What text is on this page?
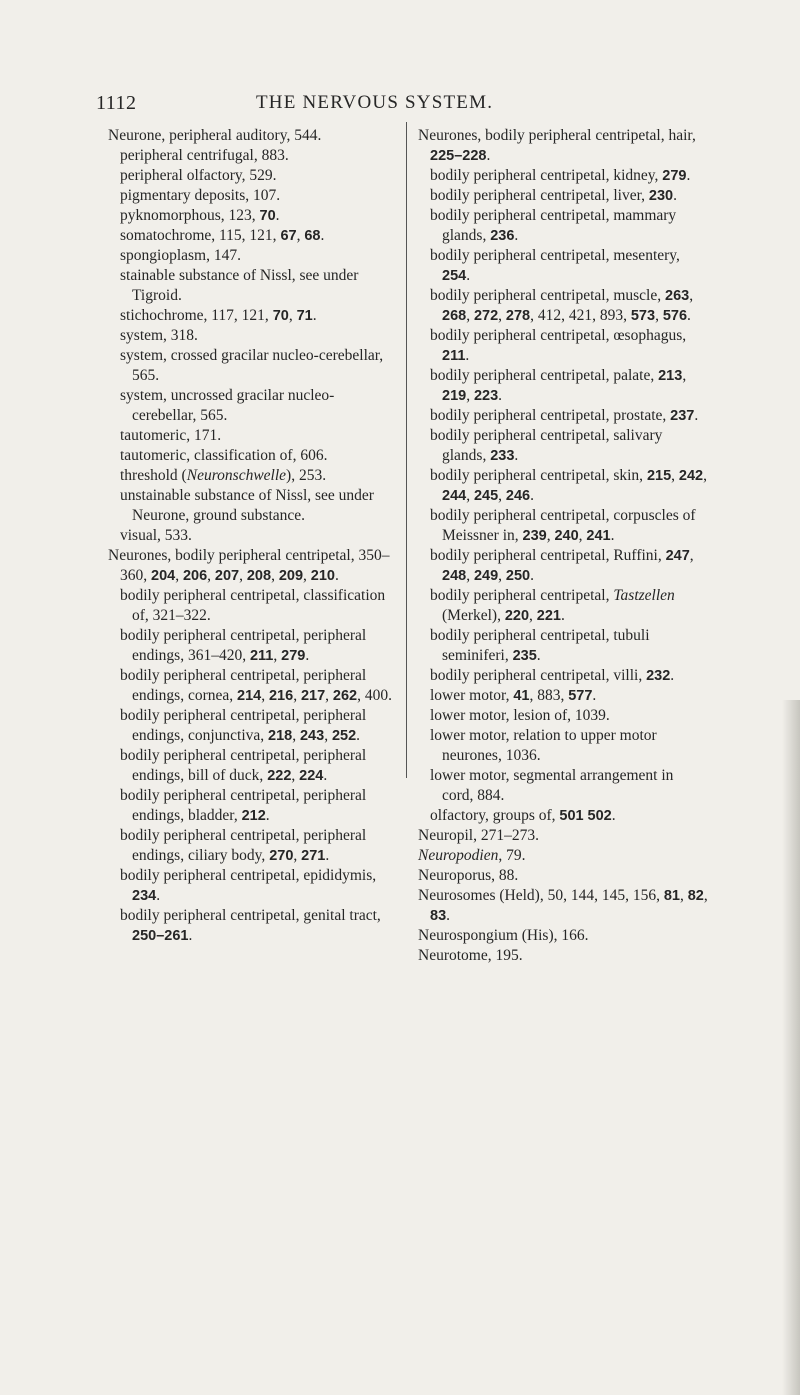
1112	THE NERVOUS SYSTEM.

Neurone, peripheral auditory, 544.

peripheral centrifugal, 883.

peripheral olfactory, 529.

pigmentary deposits, 107.

pyknomorphous, 123, 70.

somatochrome, 115, 121, 67, 68.

spongioplasm, 147.

stainable substance of Nissl, see under Tigroid.

stichochrome, 117, 121, 70, 71.

system, 318.

system, crossed gracilar nucleo-cerebellar, 565.

system, uncrossed gracilar nucleo-cerebellar, 565.

tautomeric, 171.

tautomeric, classification of, 606.

threshold (Neuronschwelle), 253.

unstainable substance of Nissl, see under Neurone, ground substance.

visual, 533.

Neurones, bodily peripheral centripetal, 350–360, 204, 206, 207, 208, 209, 210.

bodily peripheral centripetal, classification of, 321–322.

bodily peripheral centripetal, peripheral endings, 361–420, 211, 279.

bodily peripheral centripetal, peripheral endings, cornea, 214, 216, 217, 262, 400.

bodily peripheral centripetal, peripheral endings, conjunctiva, 218, 243, 252.

bodily peripheral centripetal, peripheral endings, bill of duck, 222, 224.

bodily peripheral centripetal, peripheral endings, bladder, 212.

bodily peripheral centripetal, peripheral endings, ciliary body, 270, 271.

bodily peripheral centripetal, epididymis, 234.

bodily peripheral centripetal, genital tract, 250–261.

Neurones, bodily peripheral centripetal, hair, 225–228.

bodily peripheral centripetal, kidney, 279.

bodily peripheral centripetal, liver, 230.

bodily peripheral centripetal, mammary glands, 236.

bodily peripheral centripetal, mesentery, 254.

bodily peripheral centripetal, muscle, 263, 268, 272, 278, 412, 421, 893, 573, 576.

bodily peripheral centripetal, œsophagus, 211.

bodily peripheral centripetal, palate, 213, 219, 223.

bodily peripheral centripetal, prostate, 237.

bodily peripheral centripetal, salivary glands, 233.

bodily peripheral centripetal, skin, 215, 242, 244, 245, 246.

bodily peripheral centripetal, corpuscles of Meissner in, 239, 240, 241.

bodily peripheral centripetal, Ruffini, 247, 248, 249, 250.

bodily peripheral centripetal, Tastzellen (Merkel), 220, 221.

bodily peripheral centripetal, tubuli seminiferi, 235.

bodily peripheral centripetal, villi, 232.

lower motor, 41, 883, 577.

lower motor, lesion of, 1039.

lower motor, relation to upper motor neurones, 1036.

lower motor, segmental arrangement in cord, 884.

olfactory, groups of, 501 502.

Neuropil, 271–273.

Neuropodien, 79.

Neuroporus, 88.

Neurosomes (Held), 50, 144, 145, 156, 81, 82, 83.

Neurospongium (His), 166.

Neurotome, 195.
